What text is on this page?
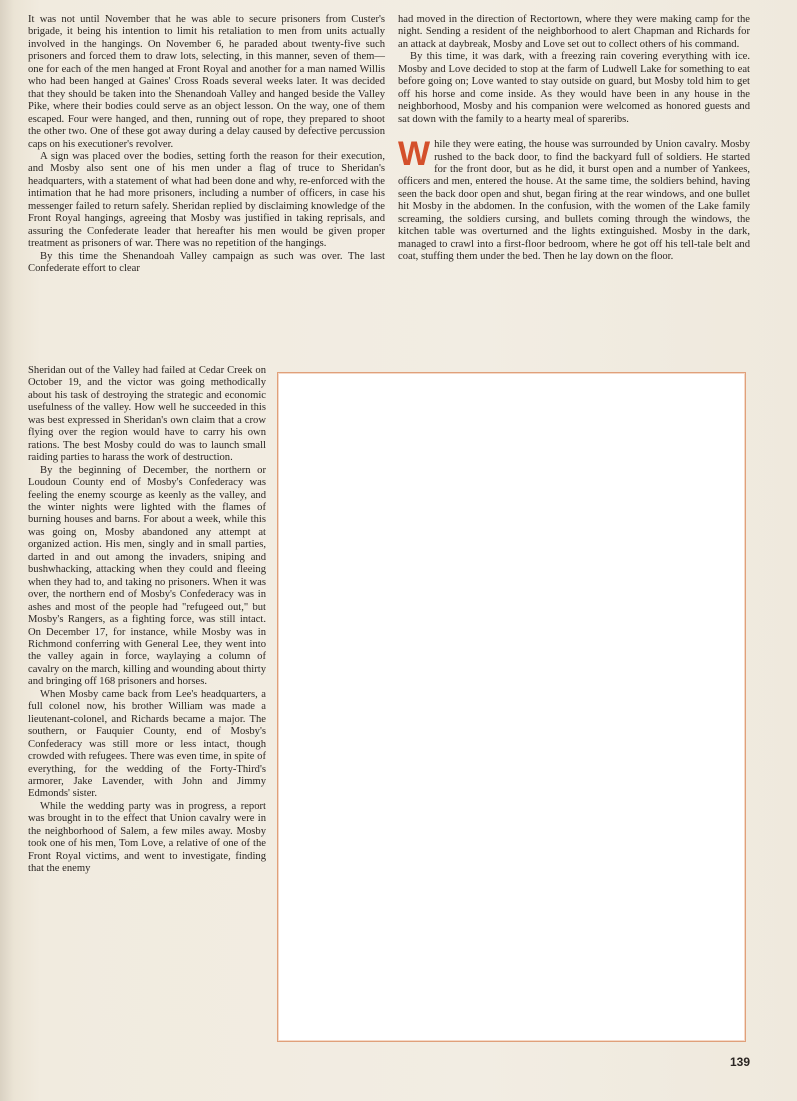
It was not until November that he was able to secure prisoners from Custer's brigade, it being his intention to limit his retaliation to men from units actually involved in the hangings. On November 6, he paraded about twenty-five such prisoners and forced them to draw lots, selecting, in this manner, seven of them—one for each of the men hanged at Front Royal and another for a man named Willis who had been hanged at Gaines' Cross Roads several weeks later. It was decided that they should be taken into the Shenandoah Valley and hanged beside the Valley Pike, where their bodies could serve as an object lesson. On the way, one of them escaped. Four were hanged, and then, running out of rope, they prepared to shoot the other two. One of these got away during a delay caused by defective percussion caps on his executioner's revolver.

A sign was placed over the bodies, setting forth the reason for their execution, and Mosby also sent one of his men under a flag of truce to Sheridan's headquarters, with a statement of what had been done and why, re-enforced with the intimation that he had more prisoners, including a number of officers, in case his messenger failed to return safely. Sheridan replied by disclaiming knowledge of the Front Royal hangings, agreeing that Mosby was justified in taking reprisals, and assuring the Confederate leader that hereafter his men would be given proper treatment as prisoners of war. There was no repetition of the hangings.

By this time the Shenandoah Valley campaign as such was over. The last Confederate effort to clear

Sheridan out of the Valley had failed at Cedar Creek on October 19, and the victor was going methodically about his task of destroying the strategic and economic usefulness of the valley. How well he succeeded in this was best expressed in Sheridan's own claim that a crow flying over the region would have to carry his own rations. The best Mosby could do was to launch small raiding parties to harass the work of destruction.

By the beginning of December, the northern or Loudoun County end of Mosby's Confederacy was feeling the enemy scourge as keenly as the valley, and the winter nights were lighted with the flames of burning houses and barns. For about a week, while this was going on, Mosby abandoned any attempt at organized action. His men, singly and in small parties, darted in and out among the invaders, sniping and bushwhacking, attacking when they could and fleeing when they had to, and taking no prisoners. When it was over, the northern end of Mosby's Confederacy was in ashes and most of the people had "refugeed out," but Mosby's Rangers, as a fighting force, was still intact. On December 17, for instance, while Mosby was in Richmond conferring with General Lee, they went into the valley again in force, waylaying a column of cavalry on the march, killing and wounding about thirty and bringing off 168 prisoners and horses.

When Mosby came back from Lee's headquarters, a full colonel now, his brother William was made a lieutenant-colonel, and Richards became a major. The southern, or Fauquier County, end of Mosby's Confederacy was still more or less intact, though crowded with refugees. There was even time, in spite of everything, for the wedding of the Forty-Third's armorer, Jake Lavender, with John and Jimmy Edmonds' sister.

While the wedding party was in progress, a report was brought in to the effect that Union cavalry were in the neighborhood of Salem, a few miles away. Mosby took one of his men, Tom Love, a relative of one of the Front Royal victims, and went to investigate, finding that the enemy

had moved in the direction of Rectortown, where they were making camp for the night. Sending a resident of the neighborhood to alert Chapman and Richards for an attack at daybreak, Mosby and Love set out to collect others of his command.

By this time, it was dark, with a freezing rain covering everything with ice. Mosby and Love decided to stop at the farm of Ludwell Lake for something to eat before going on; Love wanted to stay outside on guard, but Mosby told him to get off his horse and come inside. As they would have been in any house in the neighborhood, Mosby and his companion were welcomed as honored guests and sat down with the family to a hearty meal of spareribs.

While they were eating, the house was surrounded by Union cavalry. Mosby rushed to the back door, to find the backyard full of soldiers. He started for the front door, but as he did, it burst open and a number of Yankees, officers and men, entered the house. At the same time, the soldiers behind, having seen the back door open and shut, began firing at the rear windows, and one bullet hit Mosby in the abdomen. In the confusion, with the women of the Lake family screaming, the soldiers cursing, and bullets coming through the windows, the kitchen table was overturned and the lights extinguished. Mosby in the dark, managed to crawl into a first-floor bedroom, where he got off his tell-tale belt and coat, stuffing them under the bed. Then he lay down on the floor.

139
